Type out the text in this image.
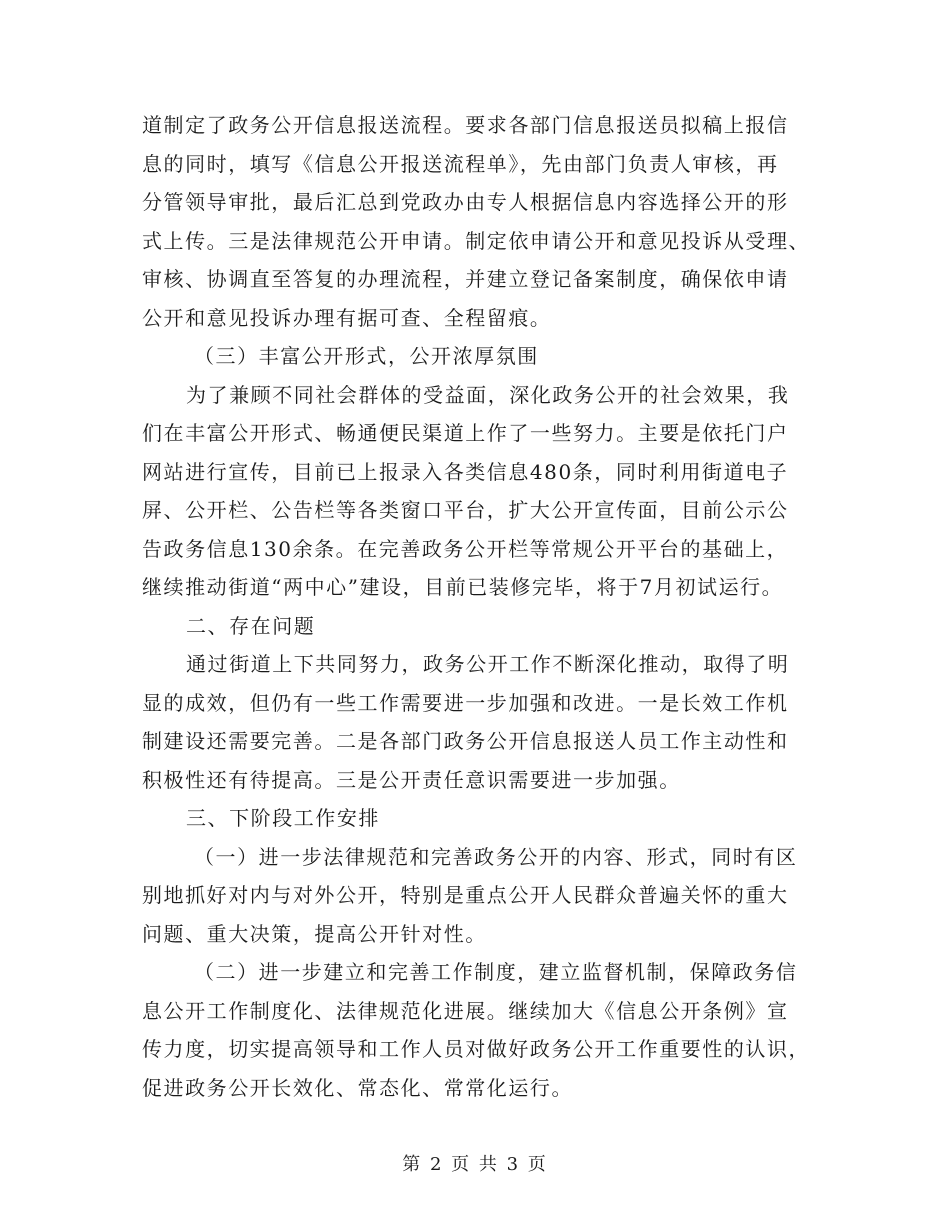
道制定了政务公开信息报送流程。要求各部门信息报送员拟稿上报信
息的同时，填写《信息公开报送流程单》，先由部门负责人审核，再
分管领导审批，最后汇总到党政办由专人根据信息内容选择公开的形
式上传。三是法律规范公开申请。制定依申请公开和意见投诉从受理、
审核、协调直至答复的办理流程，并建立登记备案制度，确保依申请
公开和意见投诉办理有据可查、全程留痕。
（三）丰富公开形式，公开浓厚氛围
为了兼顾不同社会群体的受益面，深化政务公开的社会效果，我
们在丰富公开形式、畅通便民渠道上作了一些努力。主要是依托门户
网站进行宣传，目前已上报录入各类信息480条，同时利用街道电子
屏、公开栏、公告栏等各类窗口平台，扩大公开宣传面，目前公示公
告政务信息130余条。在完善政务公开栏等常规公开平台的基础上，
继续推动街道“两中心”建设，目前已装修完毕，将于7月初试运行。
二、存在问题
通过街道上下共同努力，政务公开工作不断深化推动，取得了明
显的成效，但仍有一些工作需要进一步加强和改进。一是长效工作机
制建设还需要完善。二是各部门政务公开信息报送人员工作主动性和
积极性还有待提高。三是公开责任意识需要进一步加强。
三、下阶段工作安排
（一）进一步法律规范和完善政务公开的内容、形式，同时有区
别地抓好对内与对外公开，特别是重点公开人民群众普遍关怀的重大
问题、重大决策，提高公开针对性。
（二）进一步建立和完善工作制度，建立监督机制，保障政务信
息公开工作制度化、法律规范化进展。继续加大《信息公开条例》宣
传力度，切实提高领导和工作人员对做好政务公开工作重要性的认识，
促进政务公开长效化、常态化、常常化运行。
第 2 页 共 3 页
